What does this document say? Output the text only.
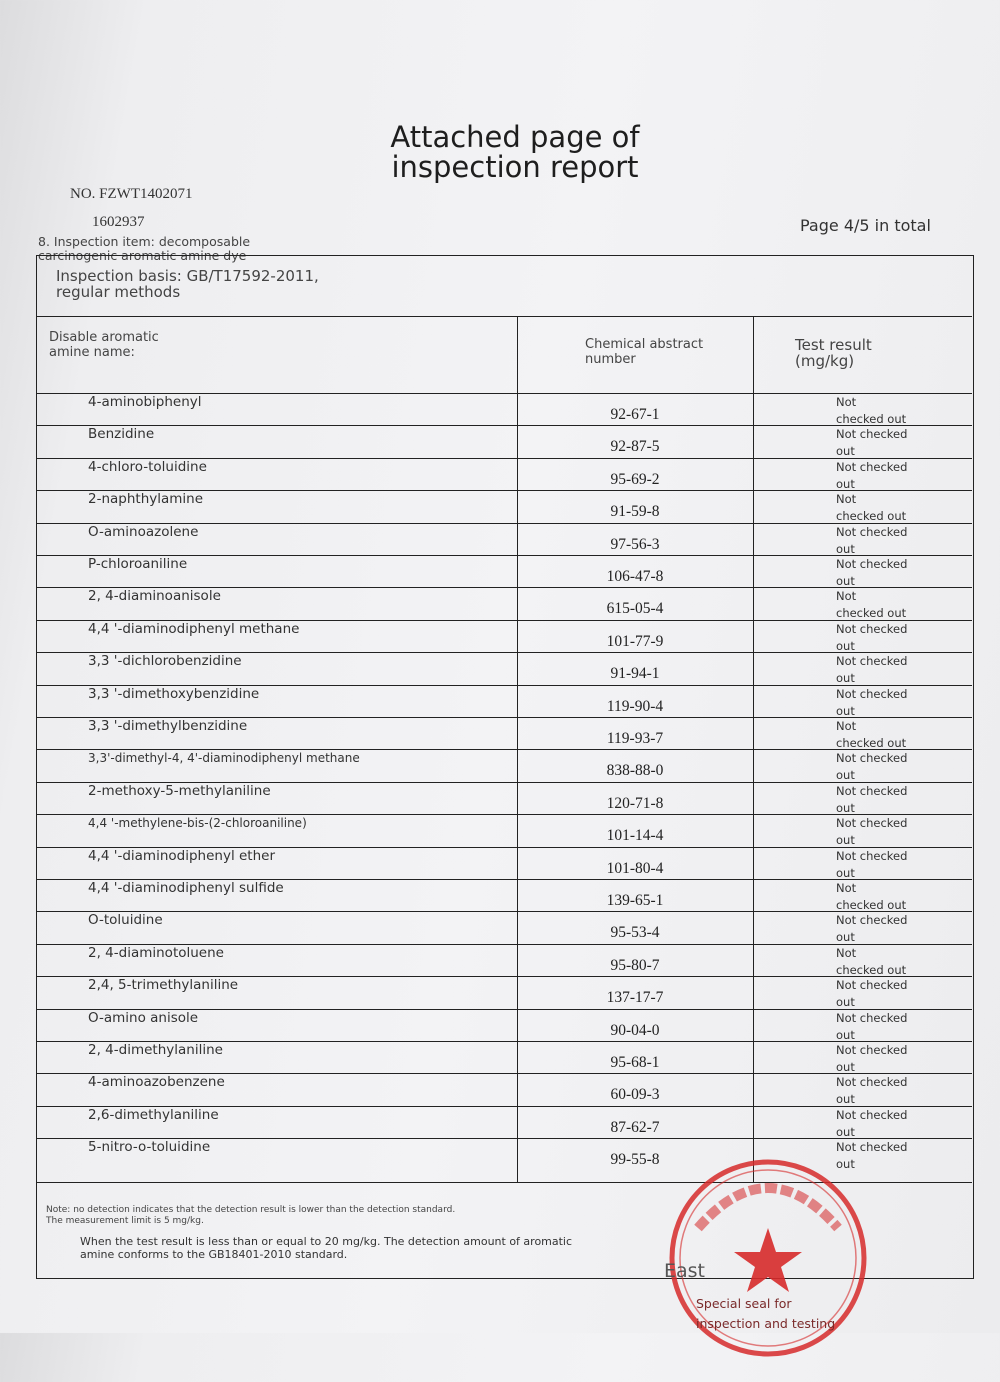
Attached page of
inspection report
NO. FZWT1402071
1602937	Page 4/5 in total
8. Inspection item: decomposable
carcinogenic aromatic amine dye
Inspection basis: GB/T17592-2011,
regular methods
Disable aromatic
amine name:
Chemical abstract
number
Test result
(mg/kg)
4-aminobiphenyl
92-67-1
Not
checked out
Benzidine
92-87-5
Not checked
out
4-chloro-toluidine
95-69-2
Not checked
out
2-naphthylamine
91-59-8
Not
checked out
O-aminoazolene
97-56-3
Not checked
out
P-chloroaniline
106-47-8
Not checked
out
2, 4-diaminoanisole
615-05-4
Not
checked out
4,4 '-diaminodiphenyl methane
101-77-9
Not checked
out
3,3 '-dichlorobenzidine
91-94-1
Not checked
out
3,3 '-dimethoxybenzidine
119-90-4
Not checked
out
3,3 '-dimethylbenzidine
119-93-7
Not
checked out
3,3'-dimethyl-4, 4'-diaminodiphenyl methane
838-88-0
Not checked
out
2-methoxy-5-methylaniline
120-71-8
Not checked
out
4,4 '-methylene-bis-(2-chloroaniline)
101-14-4
Not checked
out
4,4 '-diaminodiphenyl ether
101-80-4
Not checked
out
4,4 '-diaminodiphenyl sulfide
139-65-1
Not
checked out
O-toluidine
95-53-4
Not checked
out
2, 4-diaminotoluene
95-80-7
Not
checked out
2,4, 5-trimethylaniline
137-17-7
Not checked
out
O-amino anisole
90-04-0
Not checked
out
2, 4-dimethylaniline
95-68-1
Not checked
out
4-aminoazobenzene
60-09-3
Not checked
out
2,6-dimethylaniline
87-62-7
Not checked
out
5-nitro-o-toluidine
99-55-8
Not checked
out
Note: no detection indicates that the detection result is lower than the detection standard. The measurement limit is 5 mg/kg.
When the test result is less than or equal to 20 mg/kg. The detection amount of aromatic amine conforms to the GB18401-2010 standard.
East
Special seal for
inspection and testing
